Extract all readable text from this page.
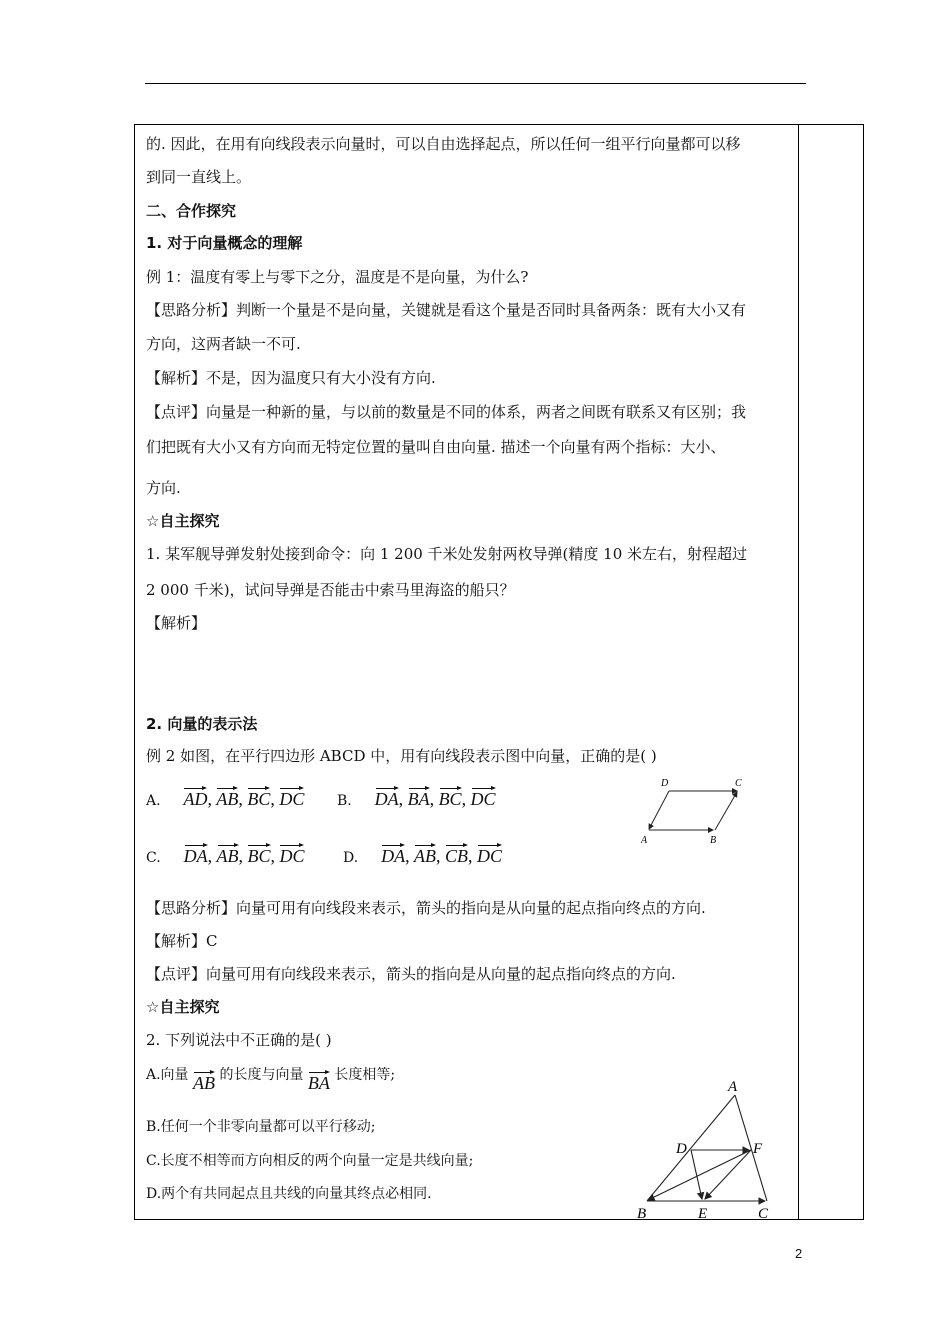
的. 因此，在用有向线段表示向量时，可以自由选择起点，所以任何一组平行向量都可以移
到同一直线上。
二、合作探究
1. 对于向量概念的理解
例 1：温度有零上与零下之分，温度是不是向量，为什么?
【思路分析】判断一个量是不是向量，关键就是看这个量是否同时具备两条：既有大小又有
方向，这两者缺一不可.
【解析】不是，因为温度只有大小没有方向.
【点评】向量是一种新的量，与以前的数量是不同的体系，两者之间既有联系又有区别；我
们把既有大小又有方向而无特定位置的量叫自由向量. 描述一个向量有两个指标：大小、
方向.
☆自主探究
1. 某军舰导弹发射处接到命令：向 1 200 千米处发射两枚导弹(精度 10 米左右，射程超过
2 000 千米)，试问导弹是否能击中索马里海盗的船只？
【解析】
2. 向量的表示法
例 2 如图，在平行四边形 ABCD 中，用有向线段表示图中向量，正确的是( )
A. AD, AB, BC, DC B. DA, BA, BC, DC
C. DA, AB, BC, DC	D. DA, AB, CB, DC
D	C
A	B
【思路分析】向量可用有向线段来表示，箭头的指向是从向量的起点指向终点的方向.
【解析】C
【点评】向量可用有向线段来表示，箭头的指向是从向量的起点指向终点的方向.
☆自主探究
2. 下列说法中不正确的是( )
A.向量 AB 的长度与向量 BA 长度相等;
B.任何一个非零向量都可以平行移动;
C.长度不相等而方向相反的两个向量一定是共线向量;
D.两个有共同起点且共线的向量其终点必相同.
A
D	F
B	E	C
2
